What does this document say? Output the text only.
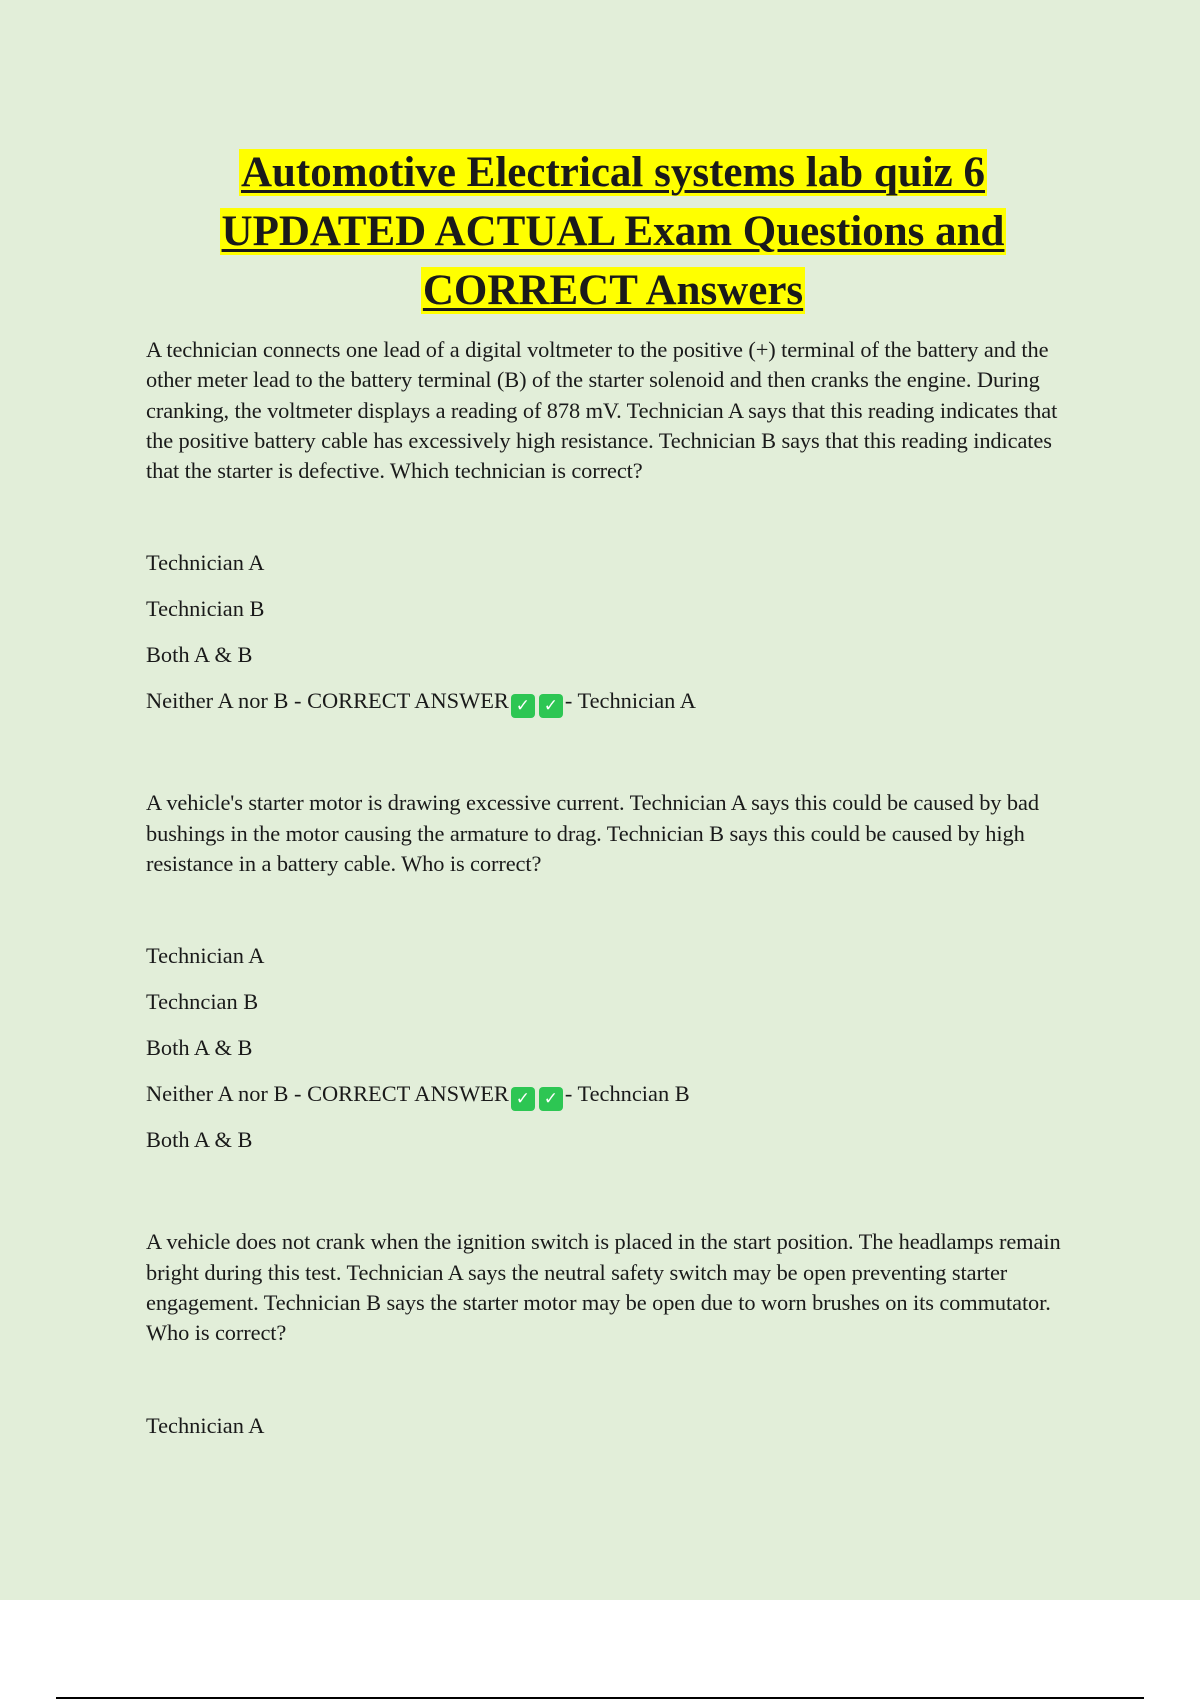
Automotive Electrical systems lab quiz 6
UPDATED ACTUAL Exam Questions and
CORRECT Answers

A technician connects one lead of a digital voltmeter to the positive (+) terminal of the battery and the other meter lead to the battery terminal (B) of the starter solenoid and then cranks the engine. During cranking, the voltmeter displays a reading of 878 mV. Technician A says that this reading indicates that the positive battery cable has excessively high resistance. Technician B says that this reading indicates that the starter is defective. Which technician is correct?

Technician A
Technician B
Both A & B
Neither A nor B - CORRECT ANSWER ✓ ✓ - Technician A

A vehicle's starter motor is drawing excessive current. Technician A says this could be caused by bad bushings in the motor causing the armature to drag. Technician B says this could be caused by high resistance in a battery cable. Who is correct?

Technician A
Techncian B
Both A & B
Neither A nor B - CORRECT ANSWER ✓ ✓ - Techncian B
Both A & B

A vehicle does not crank when the ignition switch is placed in the start position. The headlamps remain bright during this test. Technician A says the neutral safety switch may be open preventing starter engagement. Technician B says the starter motor may be open due to worn brushes on its commutator. Who is correct?

Technician A
